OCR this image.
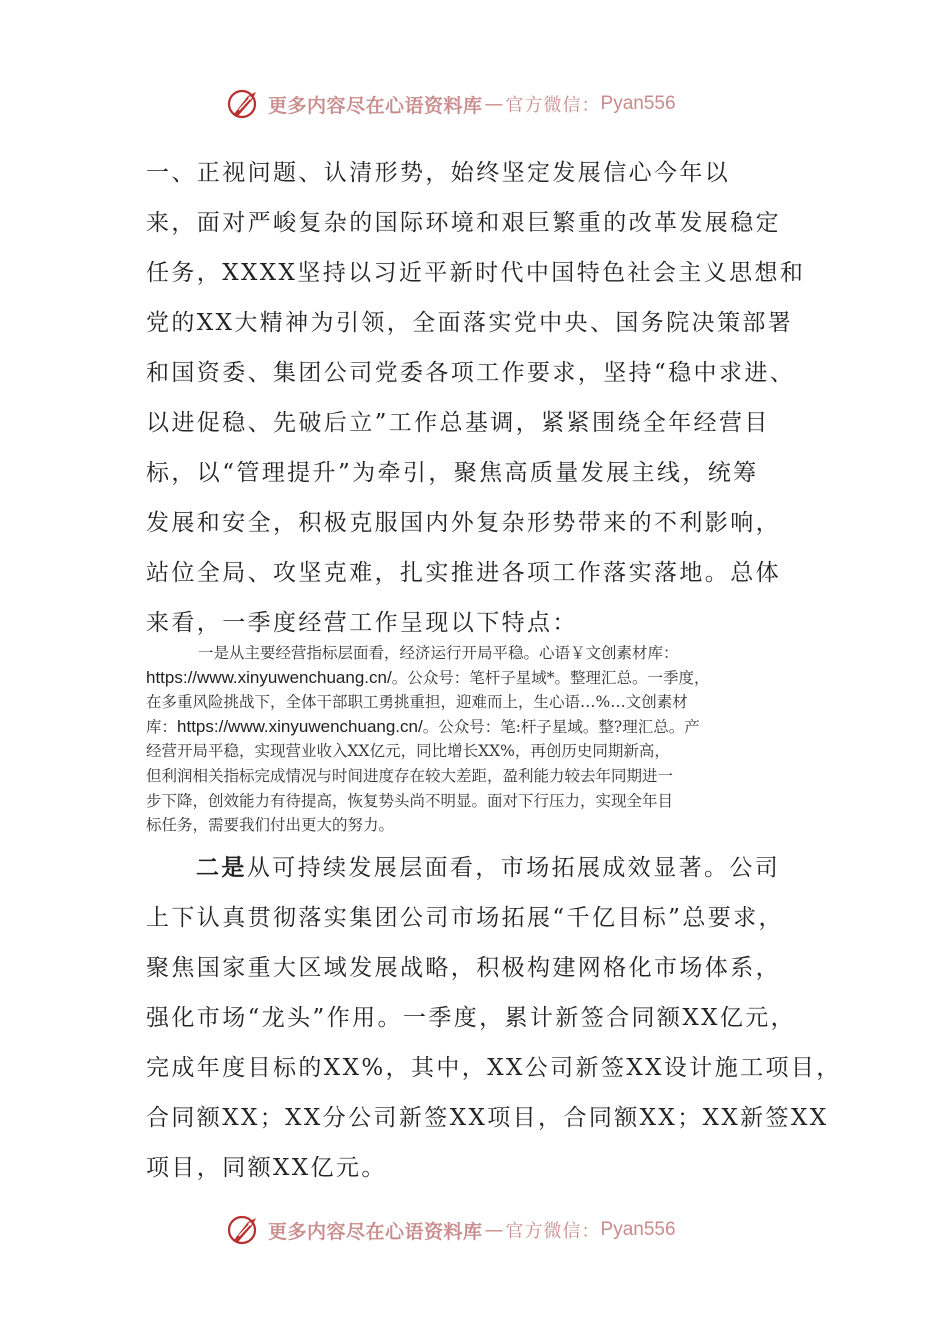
更多内容尽在心语资料库 — 官方微信： Pyan556
一、正视问题、认清形势，始终坚定发展信心今年以
来，面对严峻复杂的国际环境和艰巨繁重的改革发展稳定
任务，XXXX坚持以习近平新时代中国特色社会主义思想和
党的XX大精神为引领，全面落实党中央、国务院决策部署
和国资委、集团公司党委各项工作要求，坚持“稳中求进、
以进促稳、先破后立”工作总基调，紧紧围绕全年经营目
标，以“管理提升”为牵引，聚焦高质量发展主线，统筹
发展和安全，积极克服国内外复杂形势带来的不利影响，
站位全局、攻坚克难，扎实推进各项工作落实落地。总体
来看，一季度经营工作呈现以下特点：
一是从主要经营指标层面看，经济运行开局平稳。心语￥文创素材库：
https://www.xinyuwenchuang.cn/。公众号：笔杆子星域*。整理汇总。一季度，
在多重风险挑战下，全体干部职工勇挑重担，迎难而上，生心语…%…文创素材
库：https://www.xinyuwenchuang.cn/。公众号：笔:杆子星域。整?理汇总。产
经营开局平稳，实现营业收入XX亿元，同比增长XX%，再创历史同期新高，
但利润相关指标完成情况与时间进度存在较大差距，盈利能力较去年同期进一
步下降，创效能力有待提高，恢复势头尚不明显。面对下行压力，实现全年目
标任务，需要我们付出更大的努力。
二是从可持续发展层面看，市场拓展成效显著。公司
上下认真贯彻落实集团公司市场拓展“千亿目标”总要求，
聚焦国家重大区域发展战略，积极构建网格化市场体系，
强化市场“龙头”作用。一季度，累计新签合同额XX亿元，
完成年度目标的XX%，其中，XX公司新签XX设计施工项目，
合同额XX；XX分公司新签XX项目，合同额XX；XX新签XX
项目，同额XX亿元。
更多内容尽在心语资料库 — 官方微信： Pyan556
